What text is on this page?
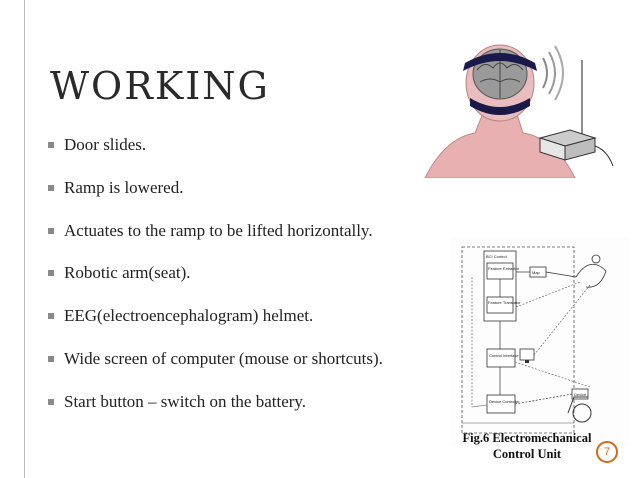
WORKING
Door slides.
Ramp is lowered.
Actuates to the ramp to be lifted horizontally.
Robotic arm(seat).
EEG(electroencephalogram) helmet.
Wide screen of computer (mouse or shortcuts).
Start button – switch on the battery.
BCI Control
Feature Extractor
Feature Translator
Map
Control Interface
Device Controller
Device
Fig.6 Electromechanical
Control Unit	7
